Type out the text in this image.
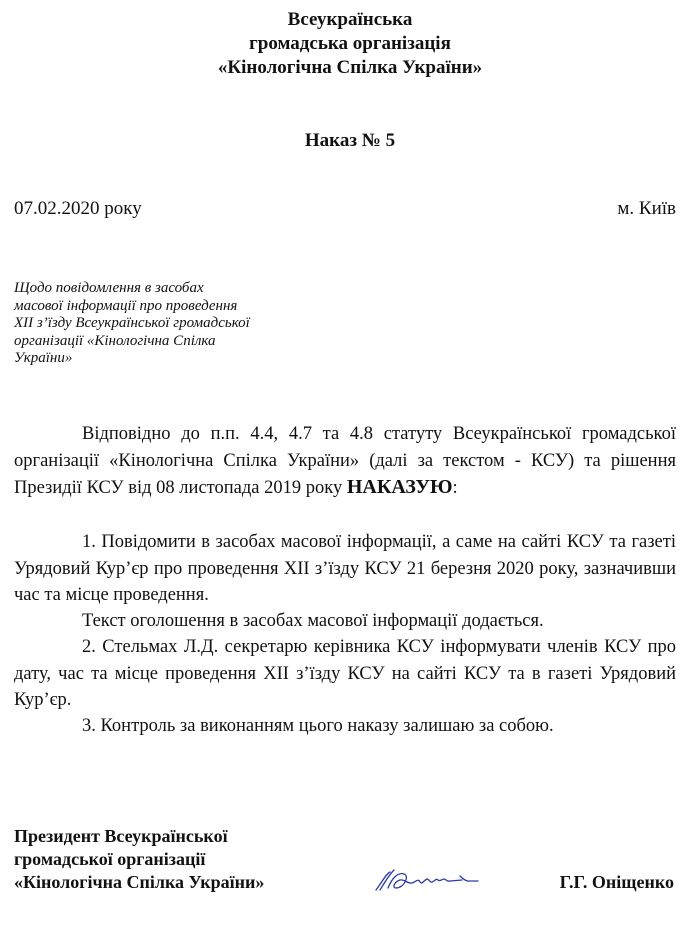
Всеукраїнська
громадська організація
«Кінологічна Спілка України»
Наказ № 5
07.02.2020 року	м. Київ
Щодо повідомлення в засобах
масової інформації про проведення
ХІІ з’їзду Всеукраїнської громадської
організації «Кінологічна Спілка
України»
Відповідно до п.п. 4.4, 4.7 та 4.8 статуту Всеукраїнської громадської організації «Кінологічна Спілка України» (далі за текстом - КСУ) та рішення Президії КСУ від 08 листопада 2019 року НАКАЗУЮ:
1. Повідомити в засобах масової інформації, а саме на сайті КСУ та газеті Урядовий Кур’єр про проведення ХІІ з’їзду КСУ 21 березня 2020 року, зазначивши час та місце проведення.
Текст оголошення в засобах масової інформації додається.
2. Стельмах Л.Д. секретарю керівника КСУ інформувати членів КСУ про дату, час та місце проведення ХІІ з’їзду КСУ на сайті КСУ та в газеті Урядовий Кур’єр.
3. Контроль за виконанням цього наказу залишаю за собою.
Президент Всеукраїнської
громадської організації
«Кінологічна Спілка України»	Г.Г. Оніщенко
